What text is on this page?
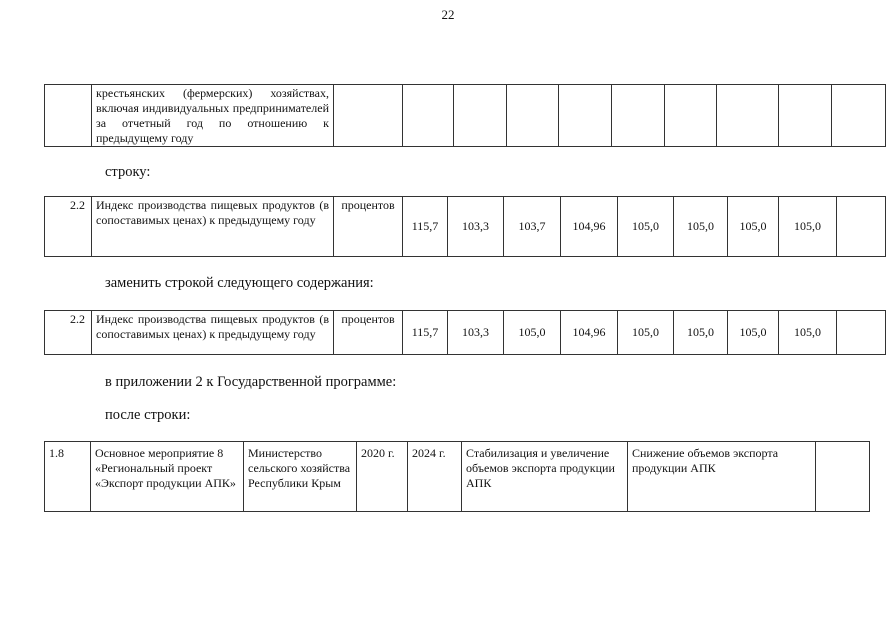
22
	крестьянских (фермерских) хозяйствах, включая индивидуальных предпринимателей за отчетный год по отношению к предыдущему году										
строку:
2.2	Индекс производства пищевых продуктов (в сопоставимых ценах) к предыдущему году	процентов	115,7	103,3	103,7	104,96	105,0	105,0	105,0	105,0	
заменить строкой следующего содержания:
2.2	Индекс производства пищевых продуктов (в сопоставимых ценах) к предыдущему году	процентов	115,7	103,3	105,0	104,96	105,0	105,0	105,0	105,0	
в приложении 2 к Государственной программе:
после строки:
1.8	Основное мероприятие 8 «Региональный проект «Экспорт продукции АПК»	Министерство сельского хозяйства Республики Крым	2020 г.	2024 г.	Стабилизация и увеличение объемов экспорта продукции АПК	Снижение объемов экспорта продукции АПК	
